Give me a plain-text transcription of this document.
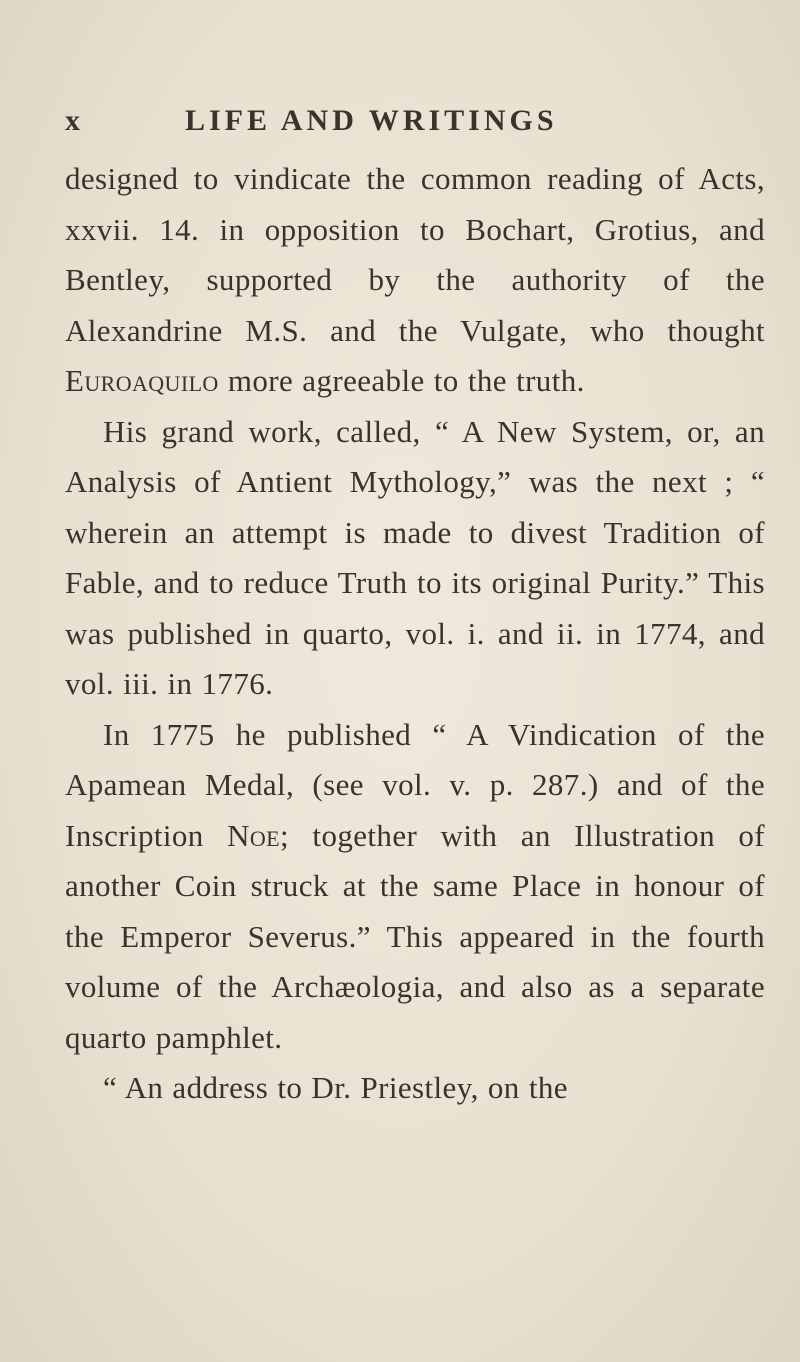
x	LIFE AND WRITINGS

designed to vindicate the common reading of Acts, xxvii. 14. in opposition to Bochart, Grotius, and Bentley, supported by the authority of the Alexandrine M.S. and the Vulgate, who thought Euroaquilo more agreeable to the truth.

His grand work, called, “ A New System, or, an Analysis of Antient Mythology,” was the next ; “ wherein an attempt is made to divest Tradition of Fable, and to reduce Truth to its original Purity.” This was published in quarto, vol. i. and ii. in 1774, and vol. iii. in 1776.

In 1775 he published “ A Vindication of the Apamean Medal, (see vol. v. p. 287.) and of the Inscription Noe; together with an Illustration of another Coin struck at the same Place in honour of the Emperor Severus.” This appeared in the fourth volume of the Archæologia, and also as a separate quarto pamphlet.

“ An address to Dr. Priestley, on the
